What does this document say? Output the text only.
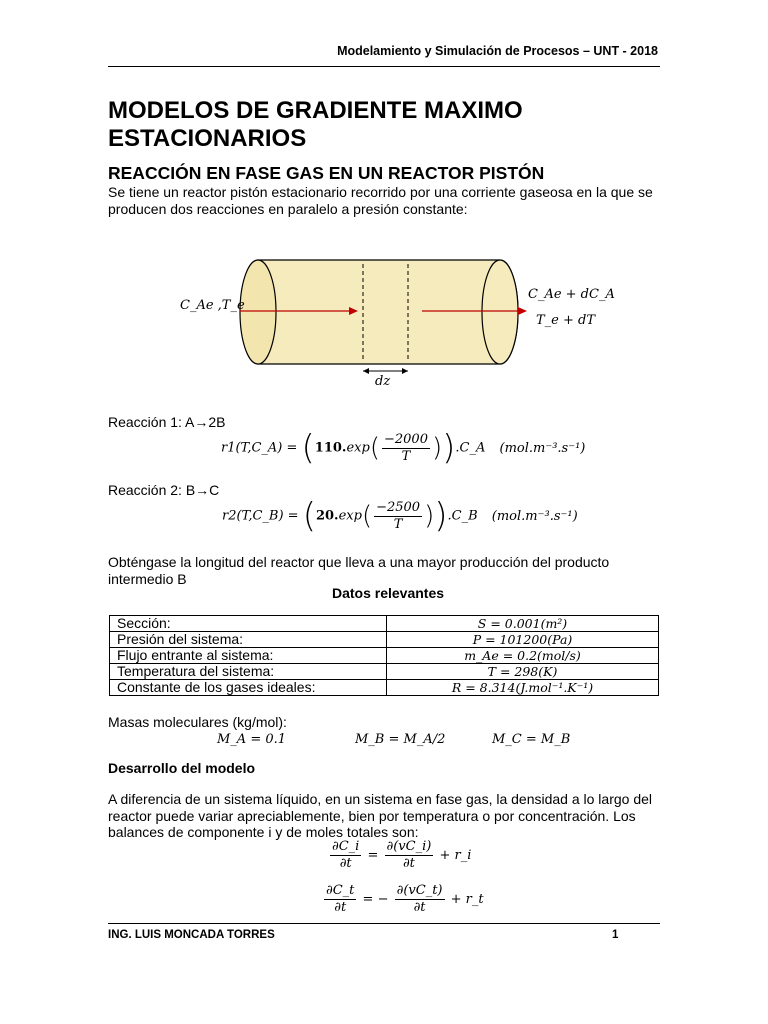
Modelamiento y Simulación de Procesos – UNT - 2018
MODELOS DE GRADIENTE MAXIMO ESTACIONARIOS
REACCIÓN EN FASE GAS EN UN REACTOR PISTÓN
Se tiene un reactor pistón estacionario recorrido por una corriente gaseosa en la que se producen dos reacciones en paralelo a presión constante:
C_Ae ,T_e
C_Ae + dC_A
T_e + dT
dz
Reacción 1: A→2B
r1(T,C_A) = ($110.\exp( \frac{-2000}{T}$ )).C_A (mol.m⁻³.s⁻¹)
Reacción 2: B→C
r2(T,C_B) = ($20.\exp( \frac{-2500}{T}$ )).C_B (mol.m⁻³.s⁻¹)
Obténgase la longitud del reactor que lleva a una mayor producción del producto intermedio B
Datos relevantes
Sección:	S = 0.001(m²)
Presión del sistema:	P = 101200(Pa)
Flujo entrante al sistema:	m_Ae = 0.2(mol/s)
Temperatura del sistema:	T = 298(K)
Constante de los gases ideales:	R = 8.314(J.mol⁻¹.K⁻¹)
Masas moleculares (kg/mol):
M_A = 0.1	M_B = M_A/2	M_C = M_B
Desarrollo del modelo
A diferencia de un sistema líquido, en un sistema en fase gas, la densidad a lo largo del reactor puede variar apreciablemente, bien por temperatura o por concentración. Los balances de componente i y de moles totales son:
$\frac{\partial C\_i}{\partial t} = \frac{\partial(vC\_i)}{\partial t}$ + r_i
$\frac{\partial C\_t}{\partial t}$ = − $\frac{\partial(vC\_t)}{\partial t}$ + r_t
ING. LUIS MONCADA TORRES	1
